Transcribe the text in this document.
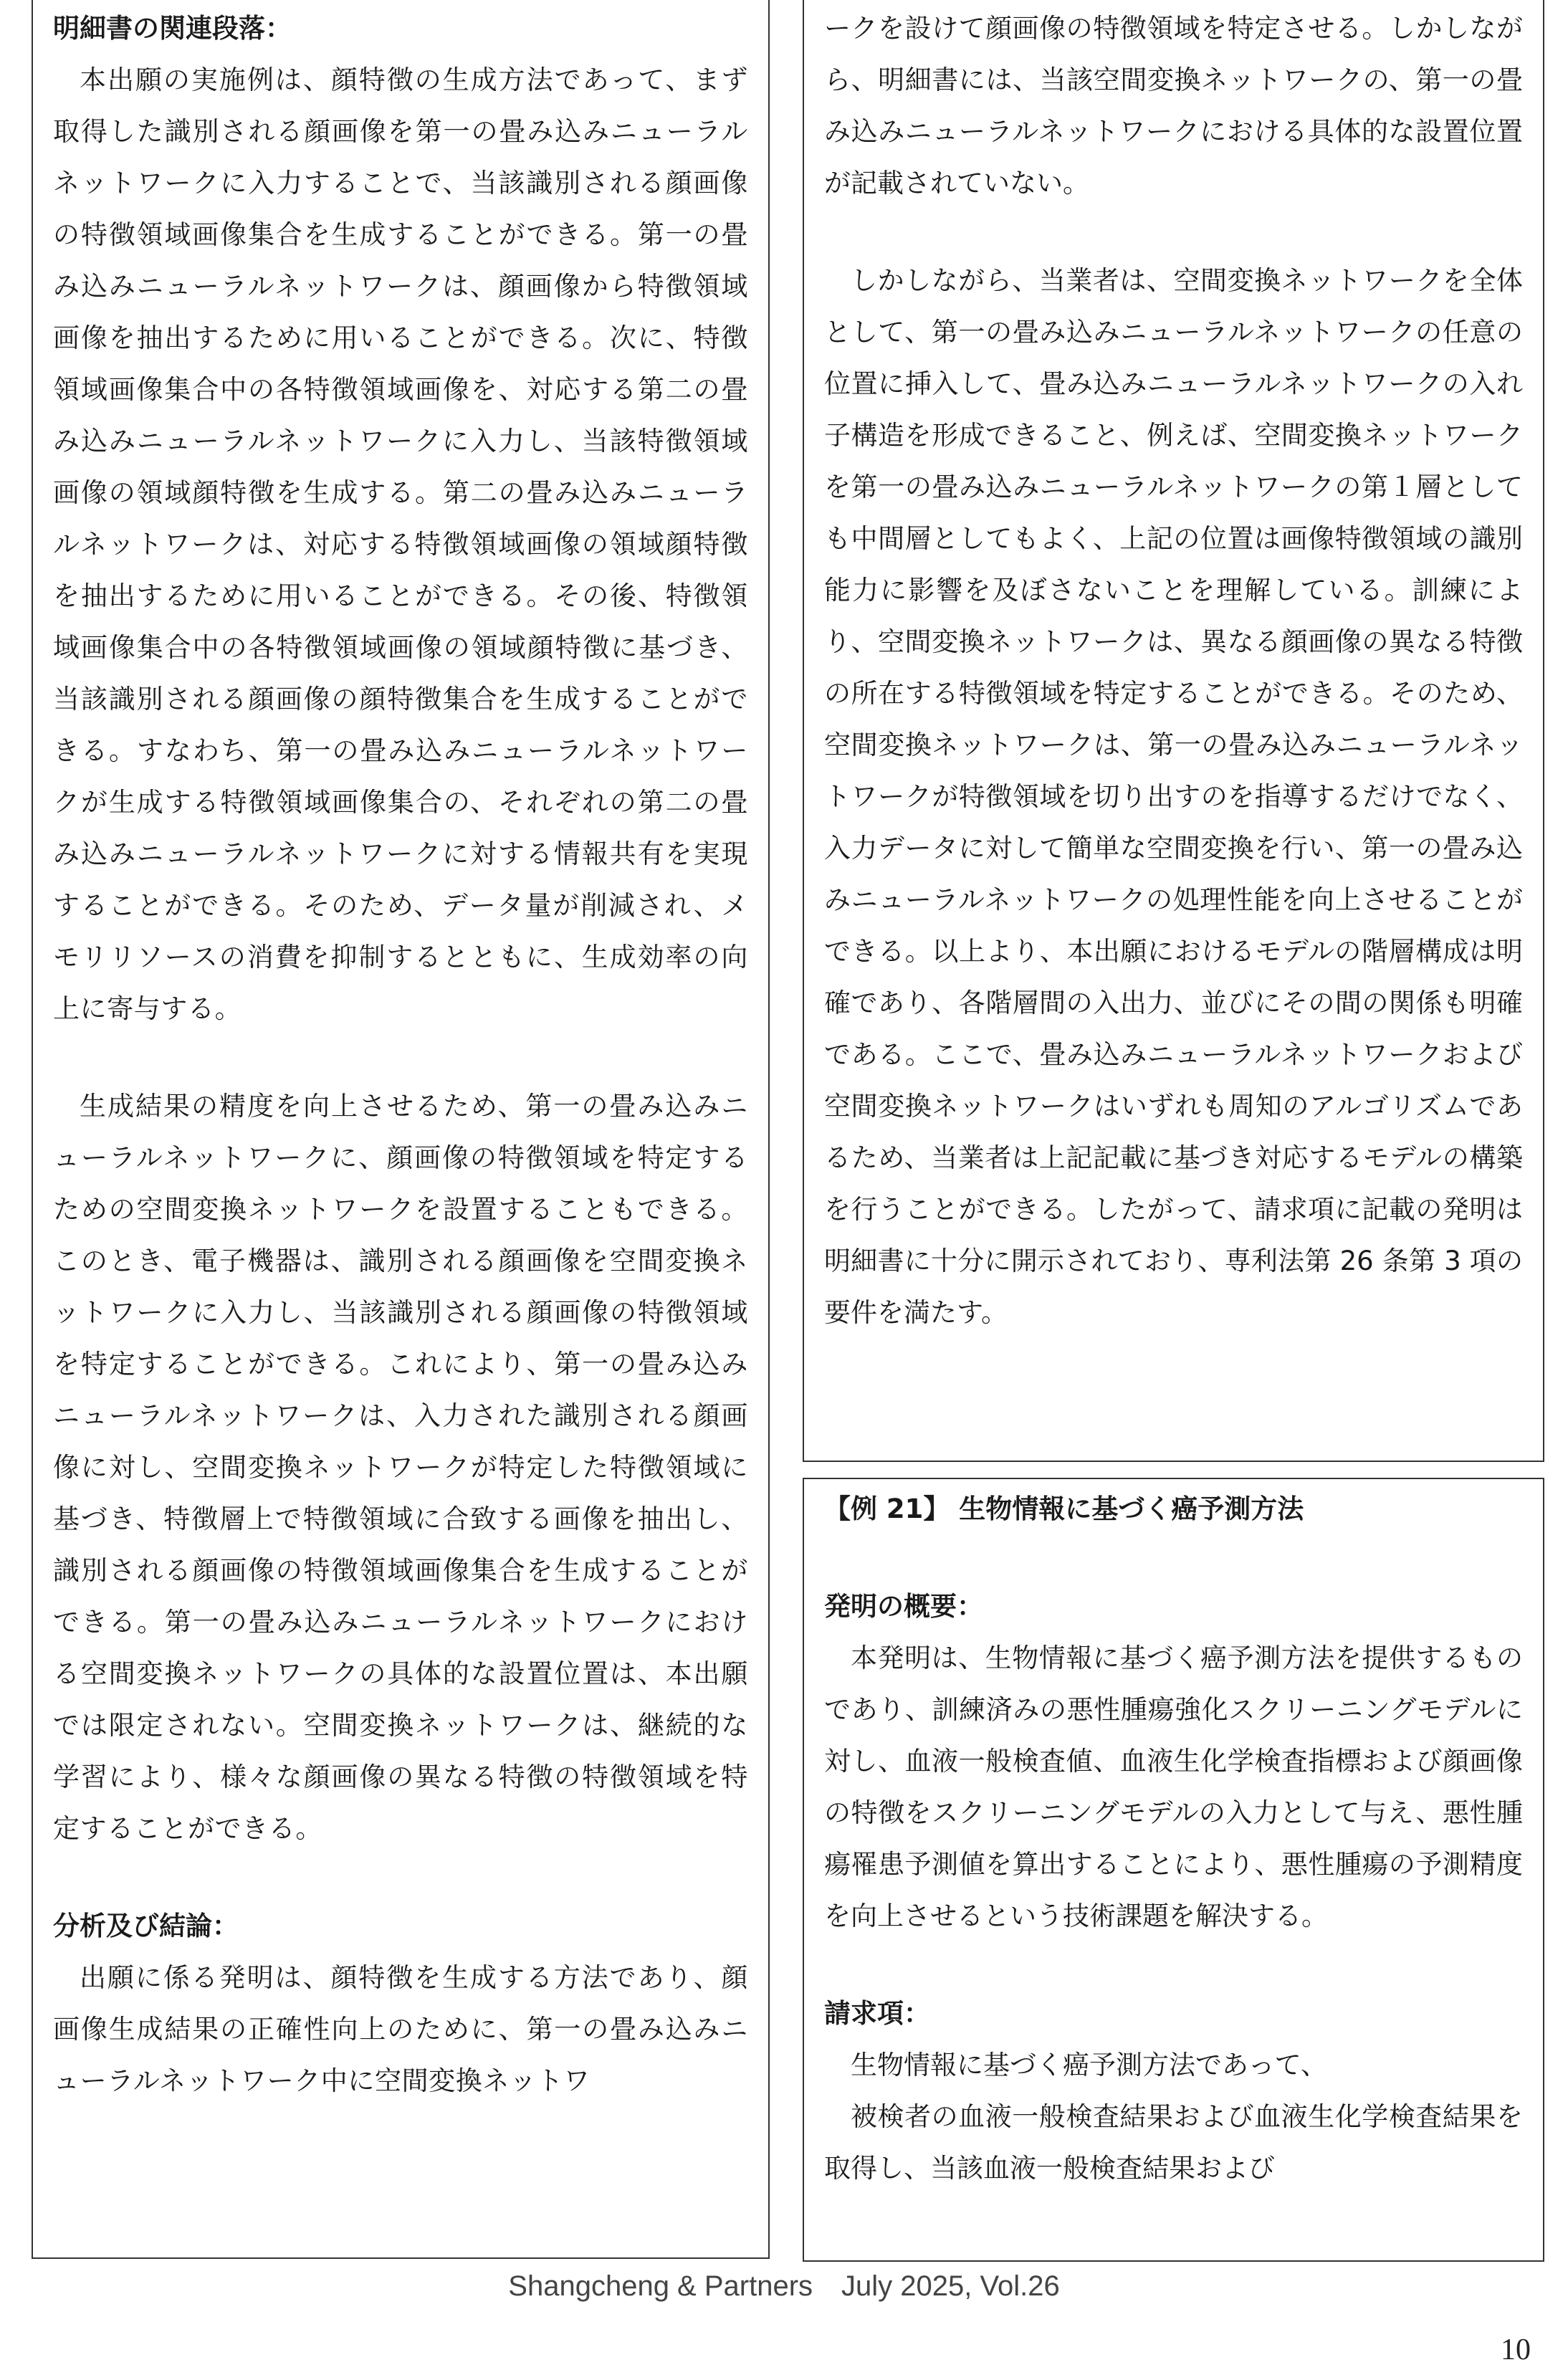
明細書の関連段落：

本出願の実施例は、顔特徴の生成方法であって、まず取得した識別される顔画像を第一の畳み込みニューラルネットワークに入力することで、当該識別される顔画像の特徴領域画像集合を生成することができる。第一の畳み込みニューラルネットワークは、顔画像から特徴領域画像を抽出するために用いることができる。次に、特徴領域画像集合中の各特徴領域画像を、対応する第二の畳み込みニューラルネットワークに入力し、当該特徴領域画像の領域顔特徴を生成する。第二の畳み込みニューラルネットワークは、対応する特徴領域画像の領域顔特徴を抽出するために用いることができる。その後、特徴領域画像集合中の各特徴領域画像の領域顔特徴に基づき、当該識別される顔画像の顔特徴集合を生成することができる。すなわち、第一の畳み込みニューラルネットワークが生成する特徴領域画像集合の、それぞれの第二の畳み込みニューラルネットワークに対する情報共有を実現することができる。そのため、データ量が削減され、メモリリソースの消費を抑制するとともに、生成効率の向上に寄与する。

生成結果の精度を向上させるため、第一の畳み込みニューラルネットワークに、顔画像の特徴領域を特定するための空間変換ネットワークを設置することもできる。このとき、電子機器は、識別される顔画像を空間変換ネットワークに入力し、当該識別される顔画像の特徴領域を特定することができる。これにより、第一の畳み込みニューラルネットワークは、入力された識別される顔画像に対し、空間変換ネットワークが特定した特徴領域に基づき、特徴層上で特徴領域に合致する画像を抽出し、識別される顔画像の特徴領域画像集合を生成することができる。第一の畳み込みニューラルネットワークにおける空間変換ネットワークの具体的な設置位置は、本出願では限定されない。空間変換ネットワークは、継続的な学習により、様々な顔画像の異なる特徴の特徴領域を特定することができる。

分析及び結論：

出願に係る発明は、顔特徴を生成する方法であり、顔画像生成結果の正確性向上のために、第一の畳み込みニューラルネットワーク中に空間変換ネットワ

ークを設けて顔画像の特徴領域を特定させる。しかしながら、明細書には、当該空間変換ネットワークの、第一の畳み込みニューラルネットワークにおける具体的な設置位置が記載されていない。

しかしながら、当業者は、空間変換ネットワークを全体として、第一の畳み込みニューラルネットワークの任意の位置に挿入して、畳み込みニューラルネットワークの入れ子構造を形成できること、例えば、空間変換ネットワークを第一の畳み込みニューラルネットワークの第１層としても中間層としてもよく、上記の位置は画像特徴領域の識別能力に影響を及ぼさないことを理解している。訓練により、空間変換ネットワークは、異なる顔画像の異なる特徴の所在する特徴領域を特定することができる。そのため、空間変換ネットワークは、第一の畳み込みニューラルネットワークが特徴領域を切り出すのを指導するだけでなく、入力データに対して簡単な空間変換を行い、第一の畳み込みニューラルネットワークの処理性能を向上させることができる。以上より、本出願におけるモデルの階層構成は明確であり、各階層間の入出力、並びにその間の関係も明確である。ここで、畳み込みニューラルネットワークおよび空間変換ネットワークはいずれも周知のアルゴリズムであるため、当業者は上記記載に基づき対応するモデルの構築を行うことができる。したがって、請求項に記載の発明は明細書に十分に開示されており、専利法第 26 条第 3 項の要件を満たす。

【例 21】 生物情報に基づく癌予測方法

発明の概要：

本発明は、生物情報に基づく癌予測方法を提供するものであり、訓練済みの悪性腫瘍強化スクリーニングモデルに対し、血液一般検査値、血液生化学検査指標および顔画像の特徴をスクリーニングモデルの入力として与え、悪性腫瘍罹患予測値を算出することにより、悪性腫瘍の予測精度を向上させるという技術課題を解決する。

請求項：

生物情報に基づく癌予測方法であって、

被検者の血液一般検査結果および血液生化学検査結果を取得し、当該血液一般検査結果および

Shangcheng & Partners　July 2025, Vol.26
10
